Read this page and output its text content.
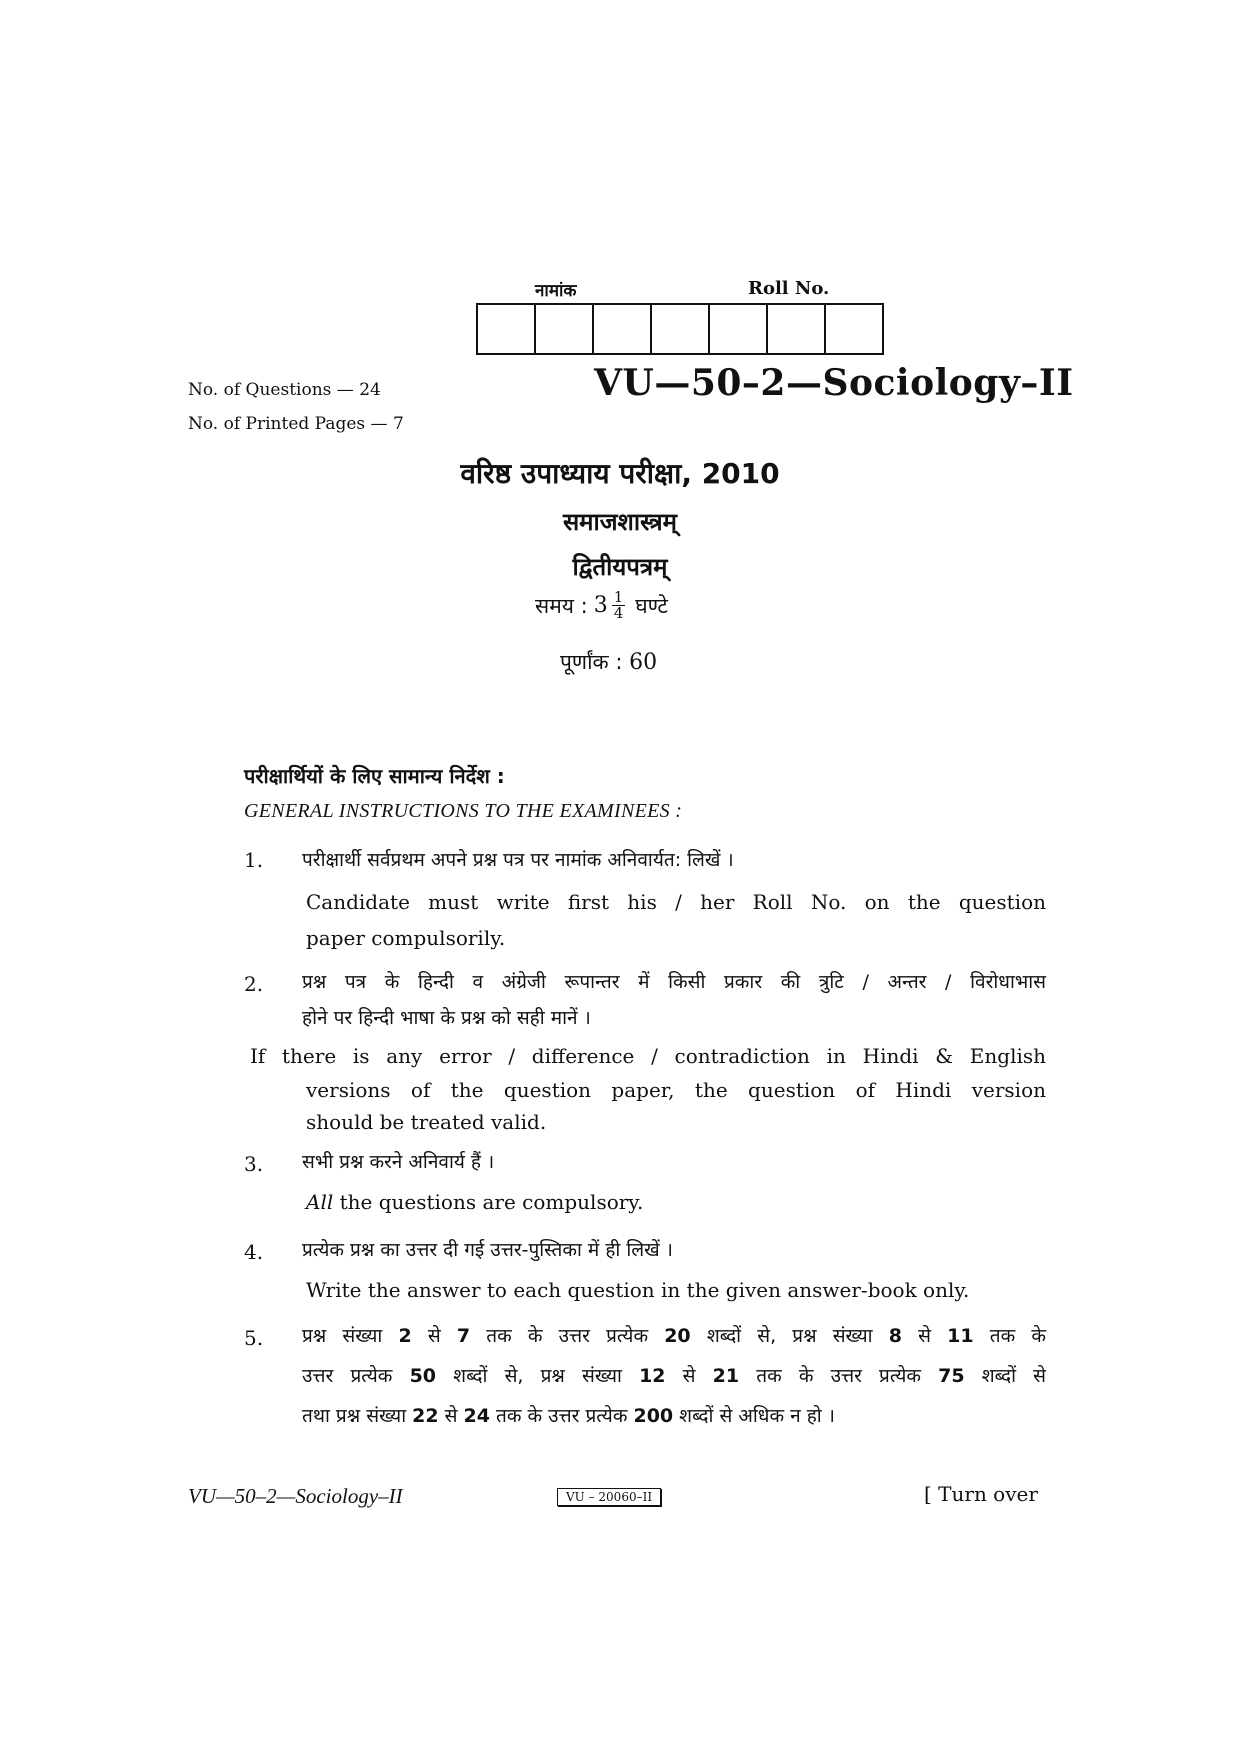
नामांक	Roll No.
No. of Questions — 24
No. of Printed Pages — 7
VU—50–2—Sociology–II
वरिष्ठ उपाध्याय परीक्षा, 2010
समाजशास्त्रम्
द्वितीयपत्रम्
समय : $3 \frac{1}{4}$ घण्टे
पूर्णांक : 60
परीक्षार्थियों के लिए सामान्य निर्देश :
GENERAL INSTRUCTIONS TO THE EXAMINEES :
1. परीक्षार्थी सर्वप्रथम अपने प्रश्न पत्र पर नामांक अनिवार्यत: लिखें ।
Candidate must write first his / her Roll No. on the question
paper compulsorily.
2. प्रश्न पत्र के हिन्दी व अंग्रेजी रूपान्तर में किसी प्रकार की त्रुटि / अन्तर / विरोधाभास
होने पर हिन्दी भाषा के प्रश्न को सही मानें ।
If there is any error / difference / contradiction in Hindi & English
versions of the question paper, the question of Hindi version
should be treated valid.
3. सभी प्रश्न करने अनिवार्य हैं ।
All the questions are compulsory.
4. प्रत्येक प्रश्न का उत्तर दी गई उत्तर-पुस्तिका में ही लिखें ।
Write the answer to each question in the given answer-book only.
5. प्रश्न संख्या 2 से 7 तक के उत्तर प्रत्येक 20 शब्दों से, प्रश्न संख्या 8 से 11 तक के
उत्तर प्रत्येक 50 शब्दों से, प्रश्न संख्या 12 से 21 तक के उत्तर प्रत्येक 75 शब्दों से
तथा प्रश्न संख्या 22 से 24 तक के उत्तर प्रत्येक 200 शब्दों से अधिक न हो ।
VU—50–2—Sociology–II	VU – 20060–II	[ Turn over
